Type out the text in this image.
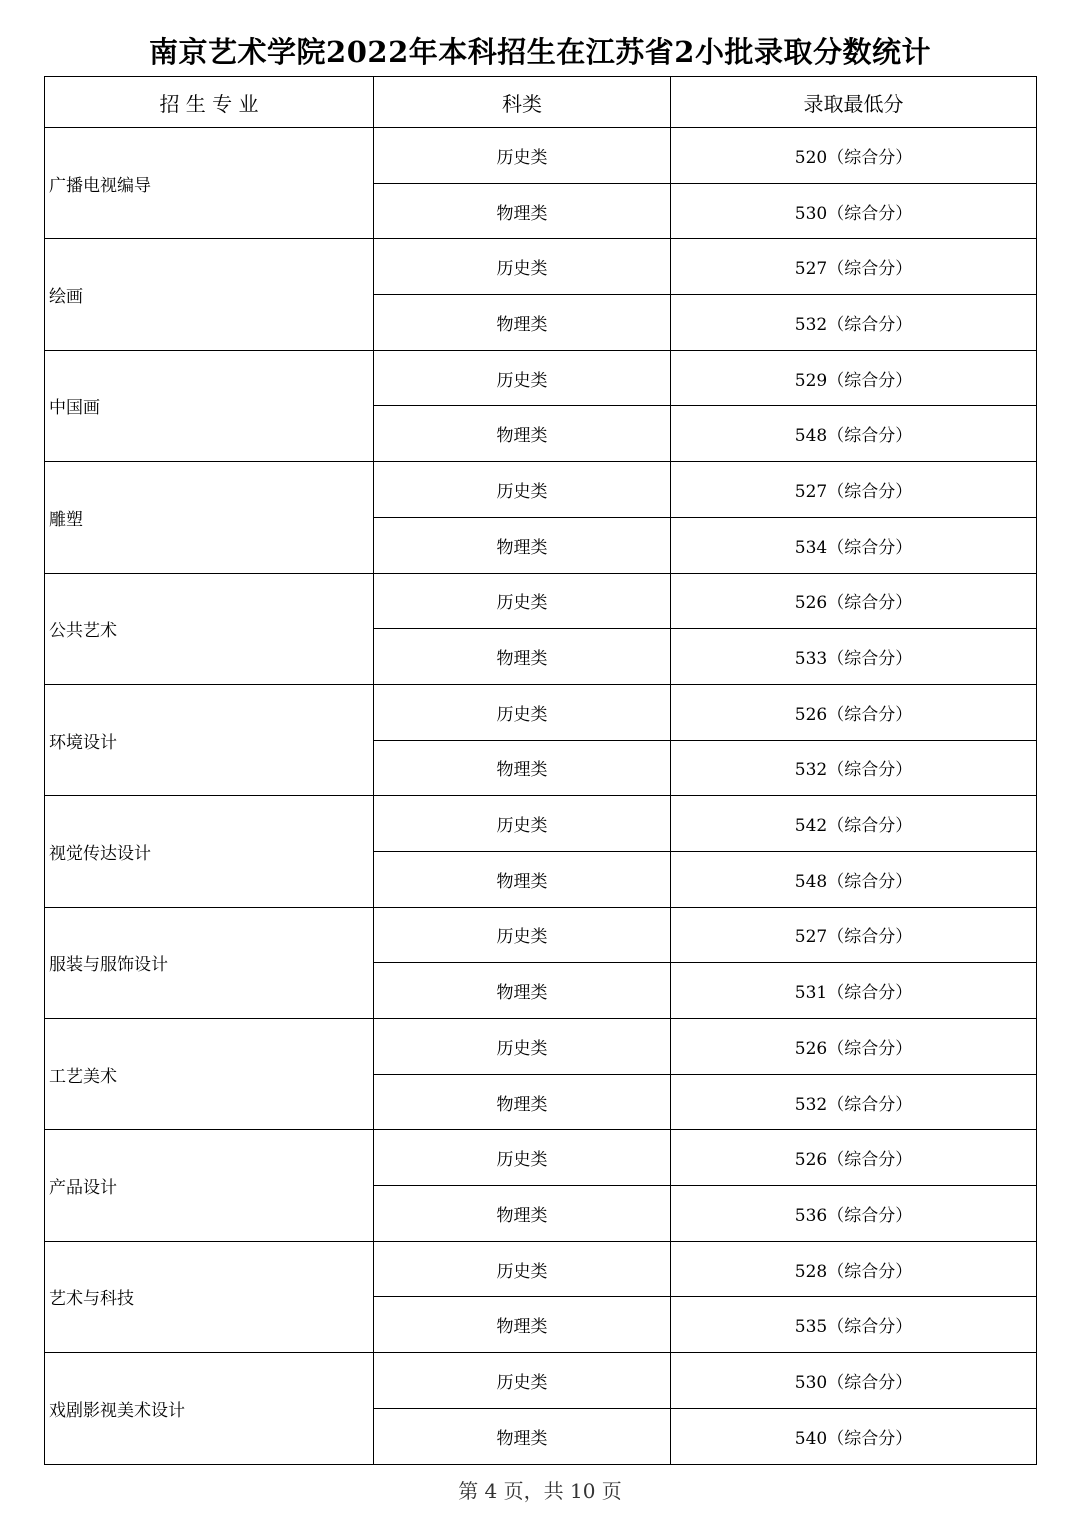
南京艺术学院2022年本科招生在江苏省2小批录取分数统计
招 生 专 业	科类	录取最低分
广播电视编导	历史类	520（综合分）
	物理类	530（综合分）
绘画	历史类	527（综合分）
	物理类	532（综合分）
中国画	历史类	529（综合分）
	物理类	548（综合分）
雕塑	历史类	527（综合分）
	物理类	534（综合分）
公共艺术	历史类	526（综合分）
	物理类	533（综合分）
环境设计	历史类	526（综合分）
	物理类	532（综合分）
视觉传达设计	历史类	542（综合分）
	物理类	548（综合分）
服装与服饰设计	历史类	527（综合分）
	物理类	531（综合分）
工艺美术	历史类	526（综合分）
	物理类	532（综合分）
产品设计	历史类	526（综合分）
	物理类	536（综合分）
艺术与科技	历史类	528（综合分）
	物理类	535（综合分）
戏剧影视美术设计	历史类	530（综合分）
	物理类	540（综合分）
第 4 页，共 10 页
